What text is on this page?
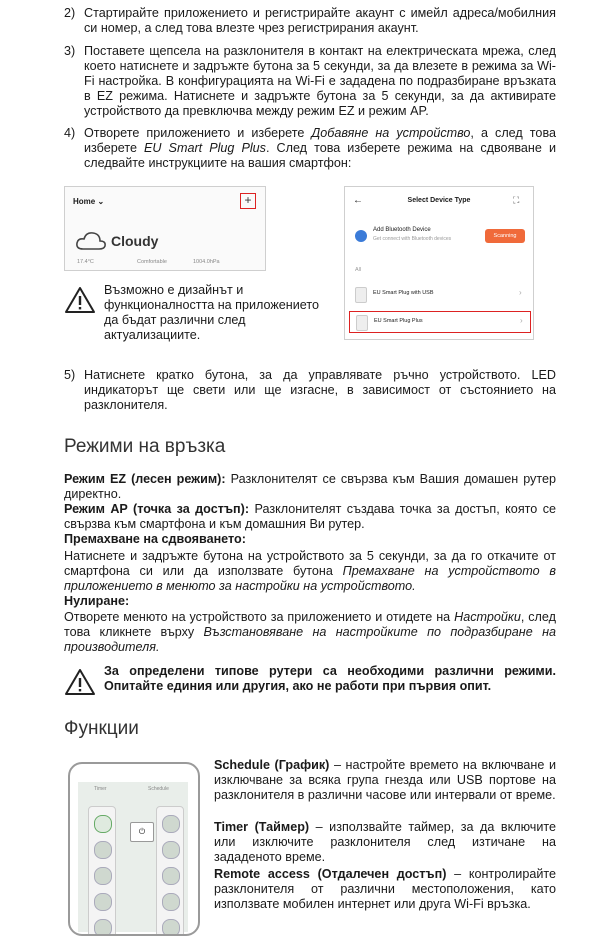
2) Стартирайте приложението и регистрирайте акаунт с имейл адреса/мобилния си номер, а след това влезте чрез регистрирания акаунт.
3) Поставете щепсела на разклонителя в контакт на електрическата мрежа, след което натиснете и задръжте бутона за 5 секунди, за да влезете в режима за Wi-Fi настройка. В конфигурацията на Wi-Fi е зададена по подразбиране връзката в EZ режима. Натиснете и задръжте бутона за 5 секунди, за да активирате устройството да превключва между режим EZ и режим AP.
4) Отворете приложението и изберете Добавяне на устройство, а след това изберете EU Smart Plug Plus. След това изберете режима на сдвояване и следвайте инструкциите на вашия смартфон:
Home ⌄	+
Cloudy
17.4°C	Comfortable	1004.0hPa
←	Select Device Type	⛶
Add Bluetooth Device
Get connect with Bluetooth devices	Scanning
All
EU Smart Plug with USB	›
EU Smart Plug Plus	›
Възможно е дизайнът и функционалността на приложението да бъдат различни след актуализациите.
5) Натиснете кратко бутона, за да управлявате ръчно устройството. LED индикаторът ще свети или ще изгасне, в зависимост от състоянието на разклонителя.
Режими на връзка
Режим EZ (лесен режим): Разклонителят се свързва към Вашия домашен рутер директно.
Режим AP (точка за достъп): Разклонителят създава точка за достъп, която се свързва към смартфона и към домашния Ви рутер.
Премахване на сдвояването:
Натиснете и задръжте бутона на устройството за 5 секунди, за да го откачите от смартфона си или да използвате бутона Премахване на устройството в приложението в менюто за настройки на устройството.
Нулиране:
Отворете менюто на устройството за приложението и отидете на Настройки, след това кликнете върху Възстановяване на настройките по подразбиране на производителя.
За определени типове рутери са необходими различни режими. Опитайте единия или другия, ако не работи при първия опит.
Функции
Timer	Schedule
⏻
Schedule (График) – настройте времето на включване и изключване за всяка група гнезда или USB портове на разклонителя в различни часове или интервали от време.
Timer (Таймер) – използвайте таймер, за да включите или изключите разклонителя след изтичане на зададеното време.
Remote access (Отдалечен достъп) – контролирайте разклонителя от различни местоположения, като използвате мобилен интернет или друга Wi-Fi връзка.
